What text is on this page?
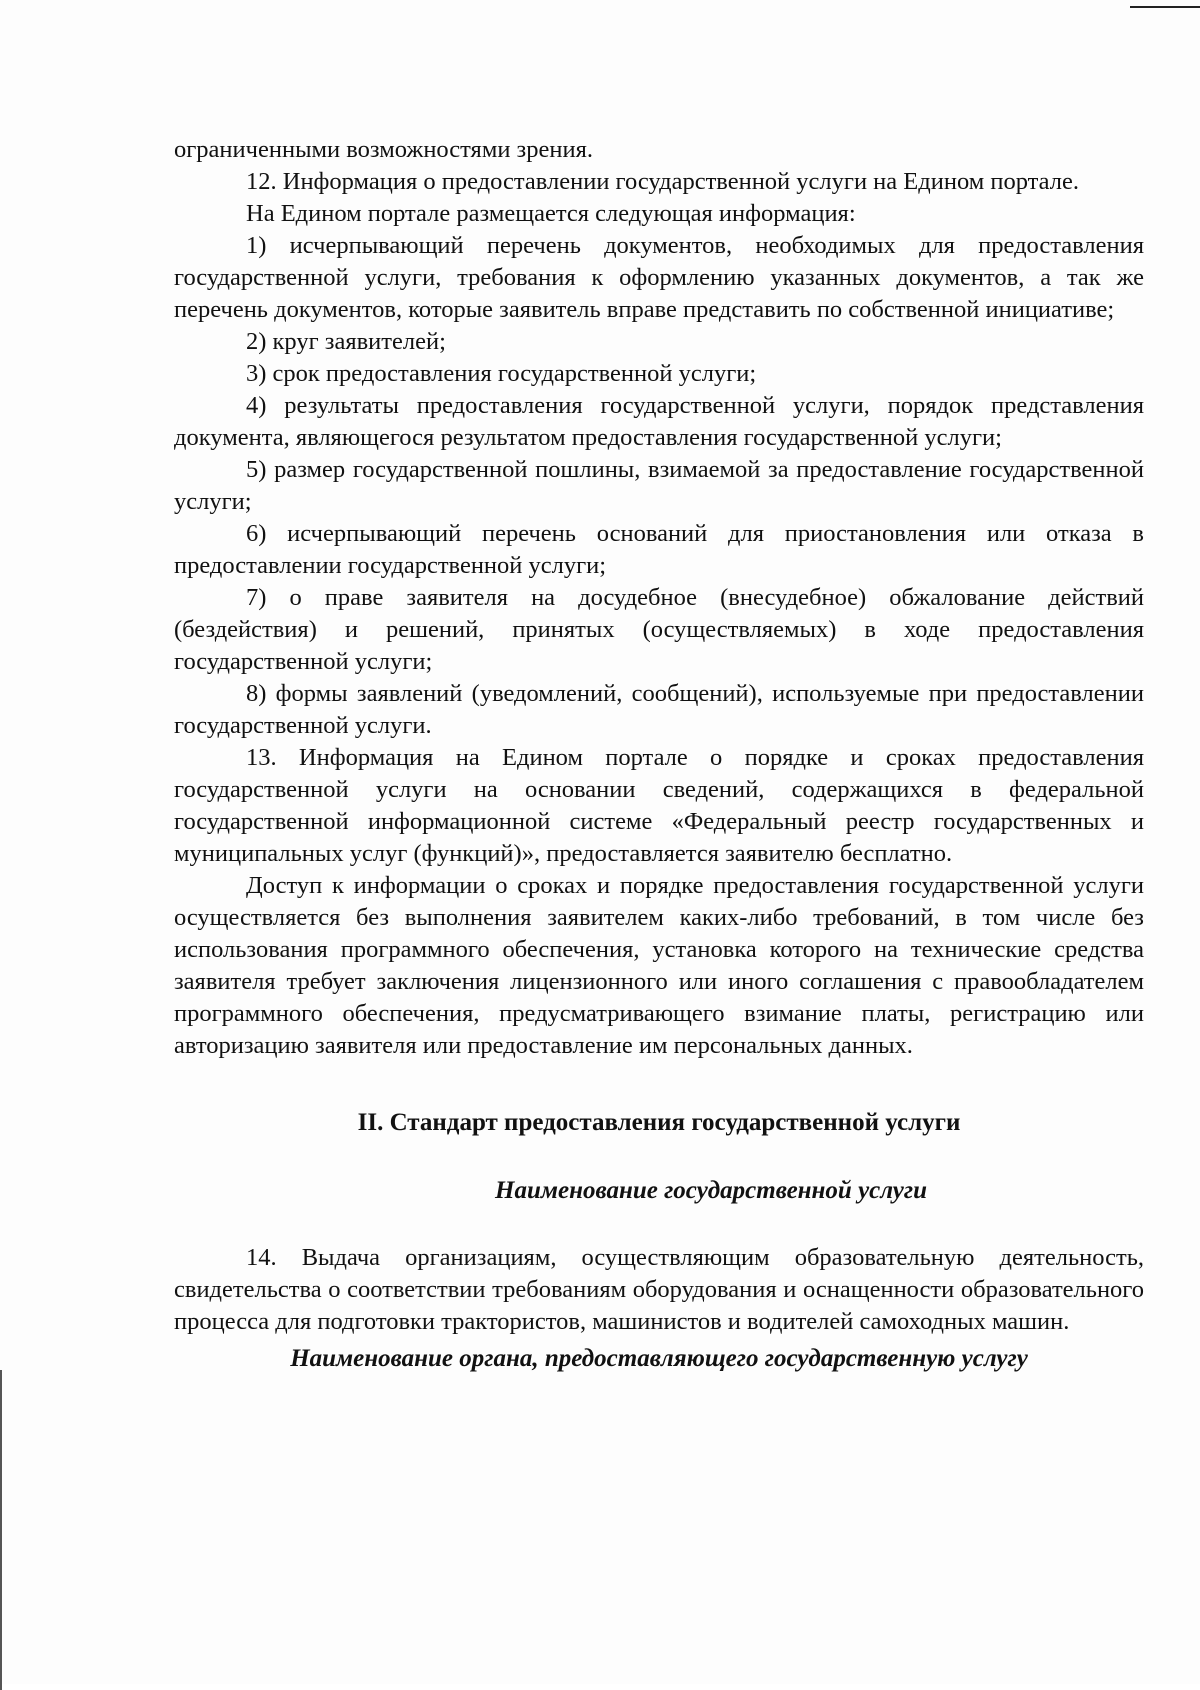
ограниченными возможностями зрения.

12. Информация о предоставлении государственной услуги на Едином портале.

На Едином портале размещается следующая информация:

1) исчерпывающий перечень документов, необходимых для предоставления государственной услуги, требования к оформлению указанных документов, а так же перечень документов, которые заявитель вправе представить по собственной инициативе;

2) круг заявителей;

3) срок предоставления государственной услуги;

4) результаты предоставления государственной услуги, порядок представления документа, являющегося результатом предоставления государственной услуги;

5) размер государственной пошлины, взимаемой за предоставление государственной услуги;

6) исчерпывающий перечень оснований для приостановления или отказа в предоставлении государственной услуги;

7) о праве заявителя на досудебное (внесудебное) обжалование действий (бездействия) и решений, принятых (осуществляемых) в ходе предоставления государственной услуги;

8) формы заявлений (уведомлений, сообщений), используемые при предоставлении государственной услуги.

13. Информация на Едином портале о порядке и сроках предоставления государственной услуги на основании сведений, содержащихся в федеральной государственной информационной системе «Федеральный реестр государственных и муниципальных услуг (функций)», предоставляется заявителю бесплатно.

Доступ к информации о сроках и порядке предоставления государственной услуги осуществляется без выполнения заявителем каких-либо требований, в том числе без использования программного обеспечения, установка которого на технические средства заявителя требует заключения лицензионного или иного соглашения с правообладателем программного обеспечения, предусматривающего взимание платы, регистрацию или авторизацию заявителя или предоставление им персональных данных.

II. Стандарт предоставления государственной услуги
Наименование государственной услуги

14. Выдача организациям, осуществляющим образовательную деятельность, свидетельства о соответствии требованиям оборудования и оснащенности образовательного процесса для подготовки трактористов, машинистов и водителей самоходных машин.

Наименование органа, предоставляющего государственную услугу
